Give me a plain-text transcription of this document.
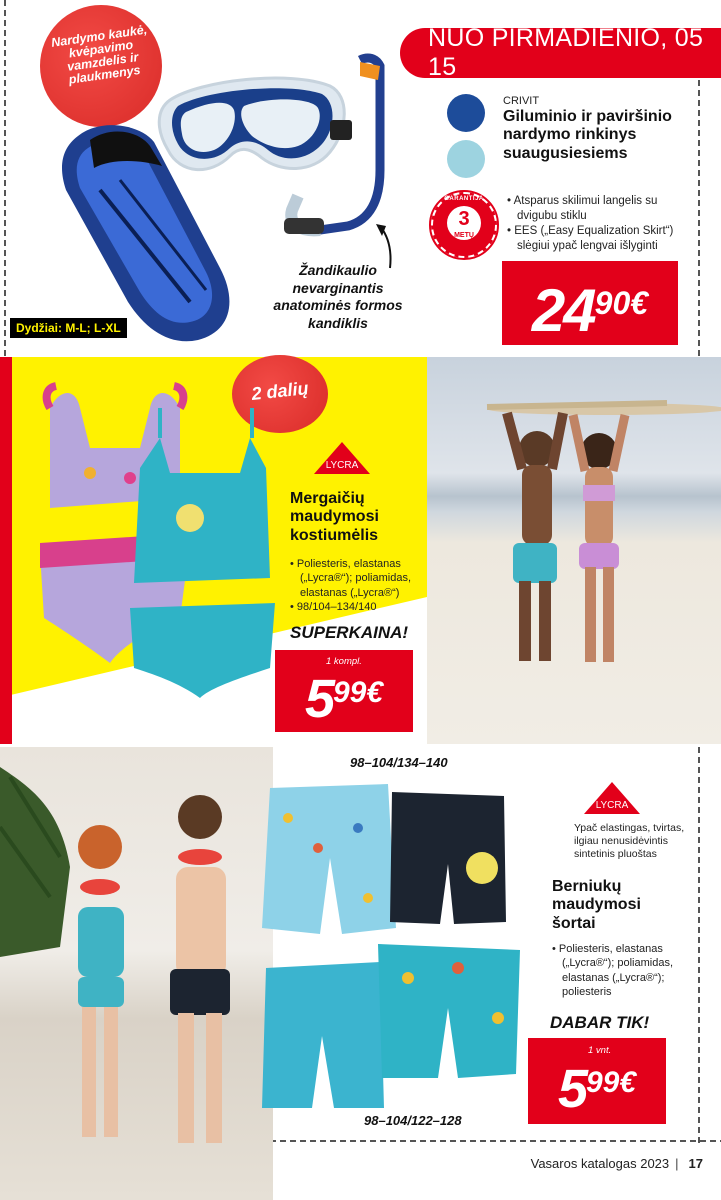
NUO PIRMADIENIO, 05 15
Nardymo kaukė, kvėpavimo vamzdelis ir plaukmenys
Žandikaulio nevarginantis anatominės formos kandiklis
Dydžiai: M-L; L-XL
CRIVIT
Giluminio ir paviršinio nardymo rinkinys suaugusiesiems
GARANTIJA
3
METŲ
• Atsparus skilimui langelis su dvigubu stiklu
• EES („Easy Equalization Skirt“) slėgiui ypač lengvai išlyginti
24 90€
2 dalių
LYCRA
Mergaičių maudymosi kostiumėlis
• Poliesteris, elastanas („Lycra®“); poliamidas, elastanas („Lycra®“)
• 98/104–134/140
SUPERKAINA!
1 kompl.
5 99€
98–104/134–140
LYCRA
Ypač elastingas, tvirtas, ilgiau nenusidėvintis sintetinis pluoštas
Berniukų maudymosi šortai
• Poliesteris, elastanas („Lycra®“); poliamidas, elastanas („Lycra®“); poliesteris
DABAR TIK!
1 vnt.
5 99€
98–104/122–128
Vasaros katalogas 2023 | 17
